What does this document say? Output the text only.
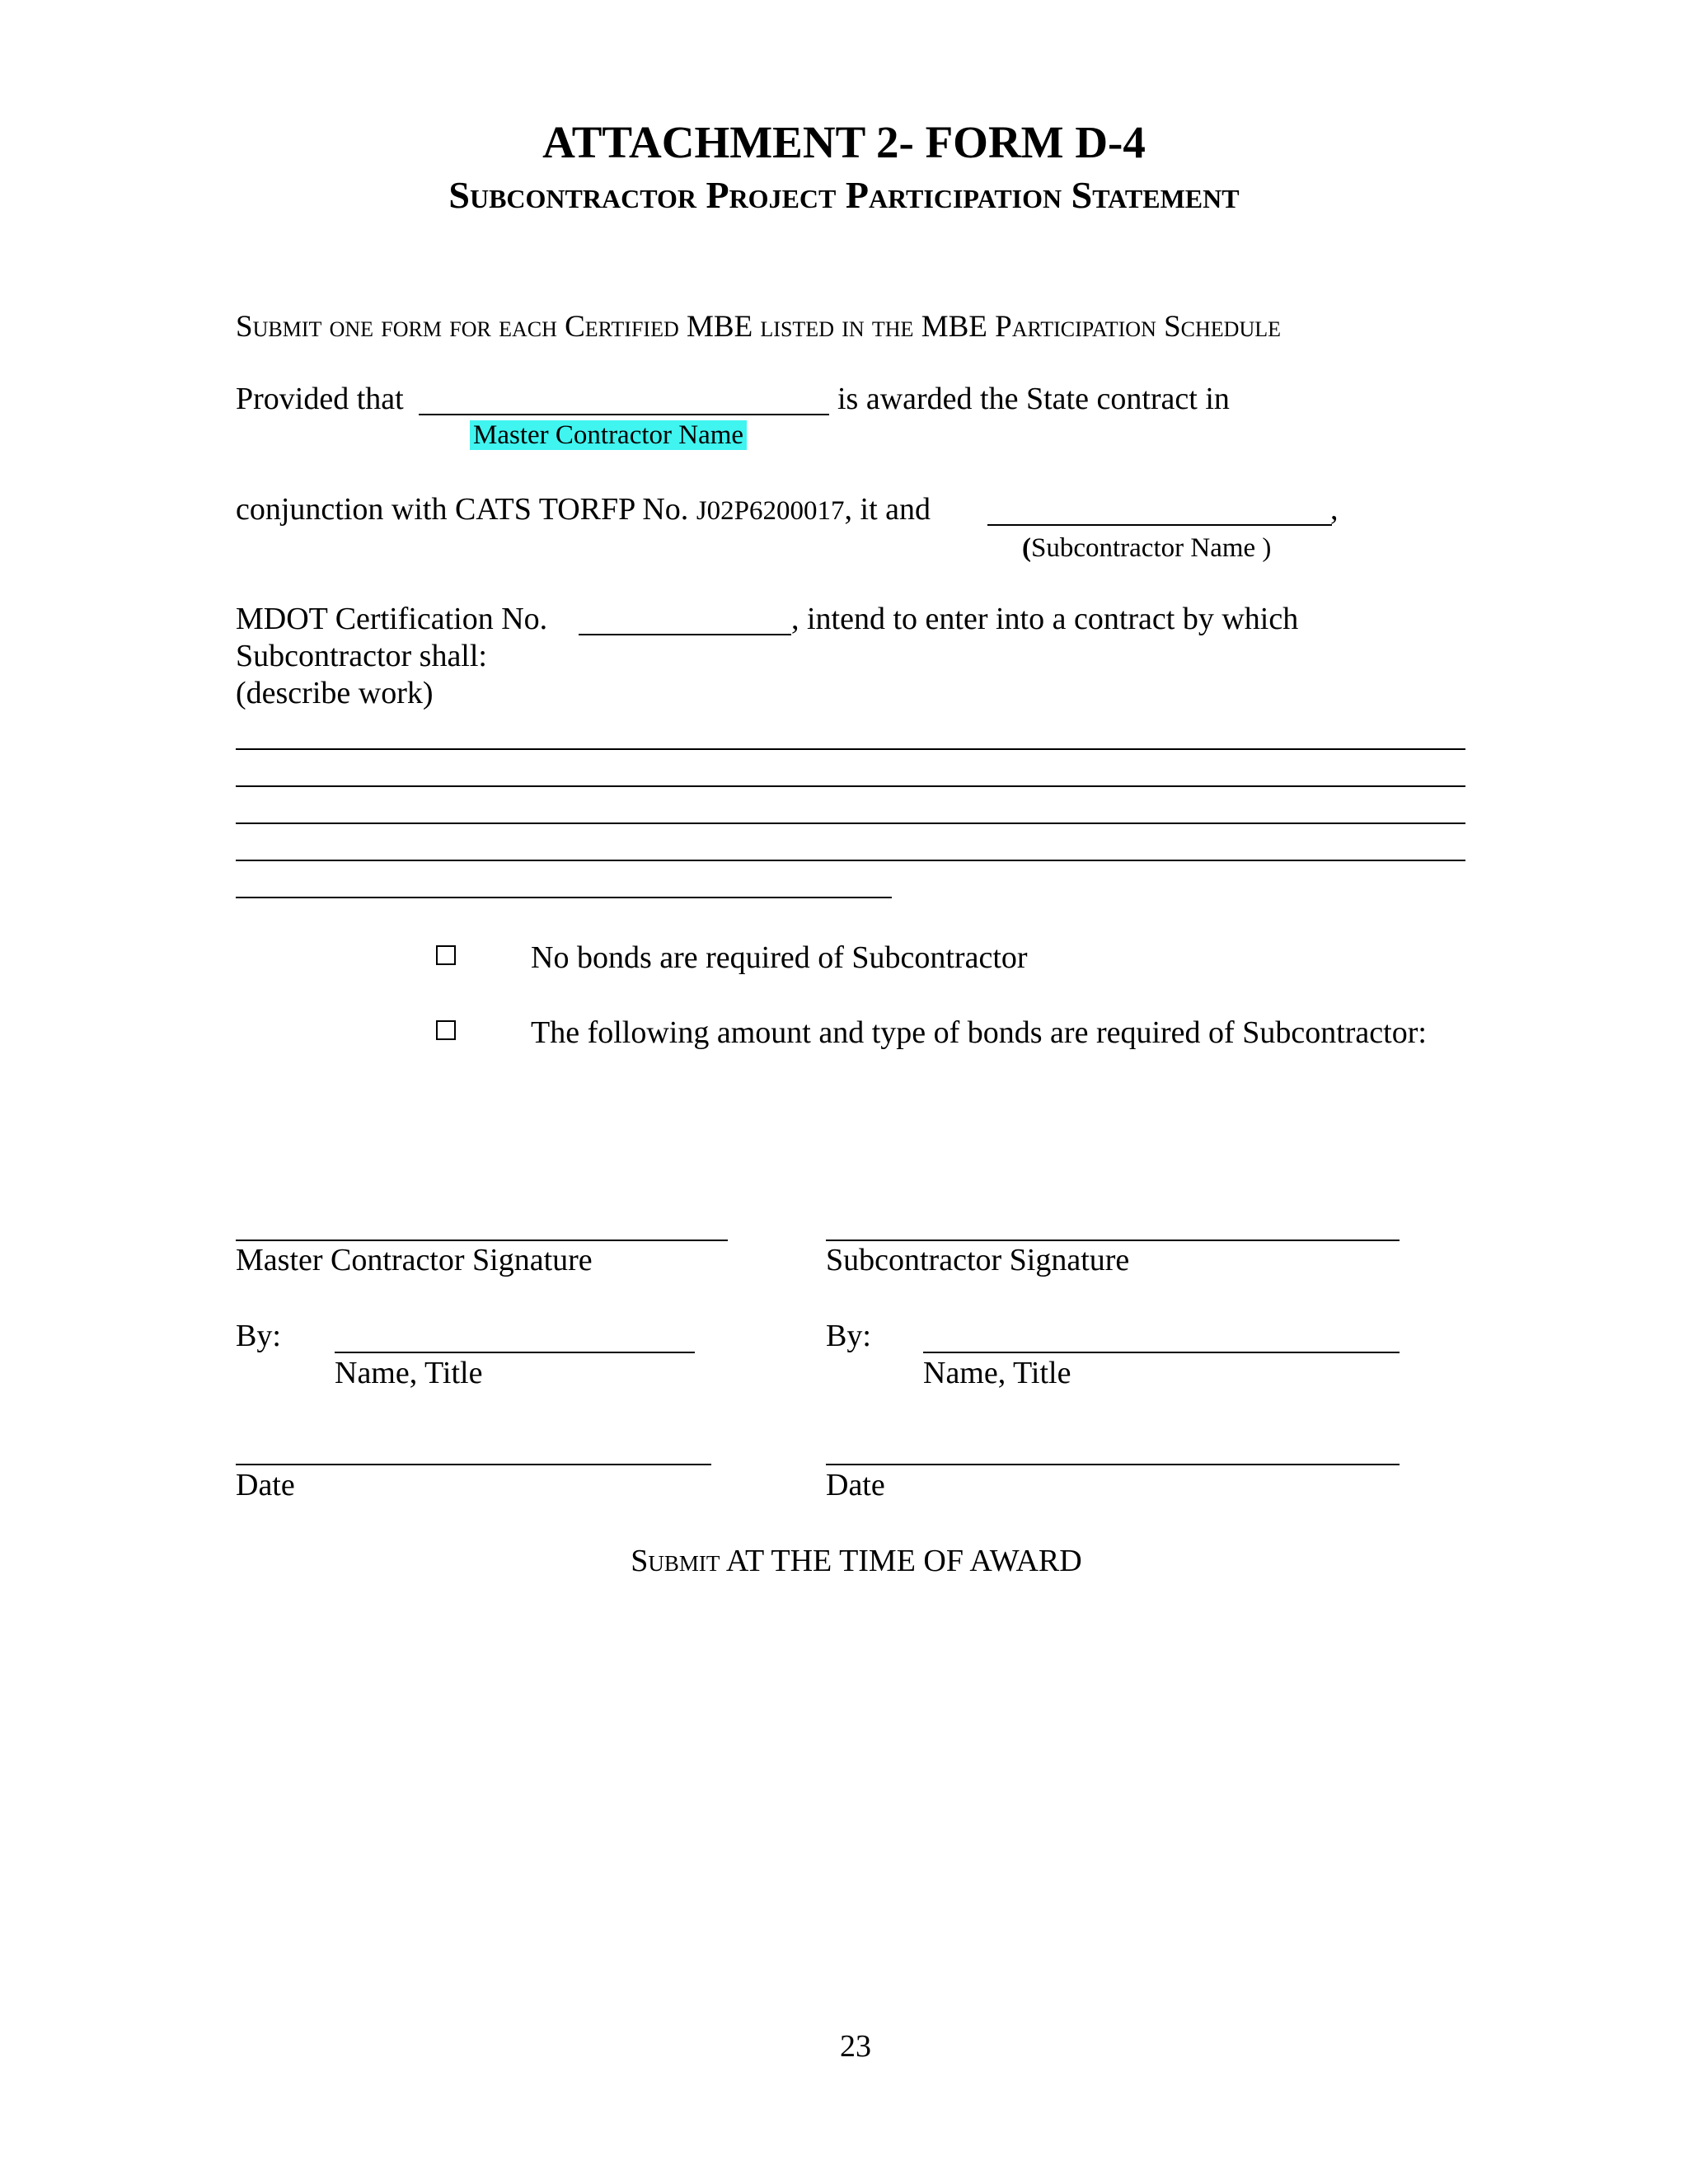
ATTACHMENT 2- FORM D-4
Subcontractor Project Participation Statement
Submit one form for each Certified MBE listed in the MBE Participation Schedule
Provided that	is awarded the State contract in
Master Contractor Name
conjunction with CATS TORFP No. J02P6200017, it and	,
(Subcontractor Name )
MDOT Certification No.	, intend to enter into a contract by which
Subcontractor shall:
(describe work)
No bonds are required of Subcontractor
The following amount and type of bonds are required of Subcontractor:
Master Contractor Signature	Subcontractor Signature
By:
Name, Title
By:
Name, Title
Date	Date
Submit AT THE TIME OF AWARD
23
